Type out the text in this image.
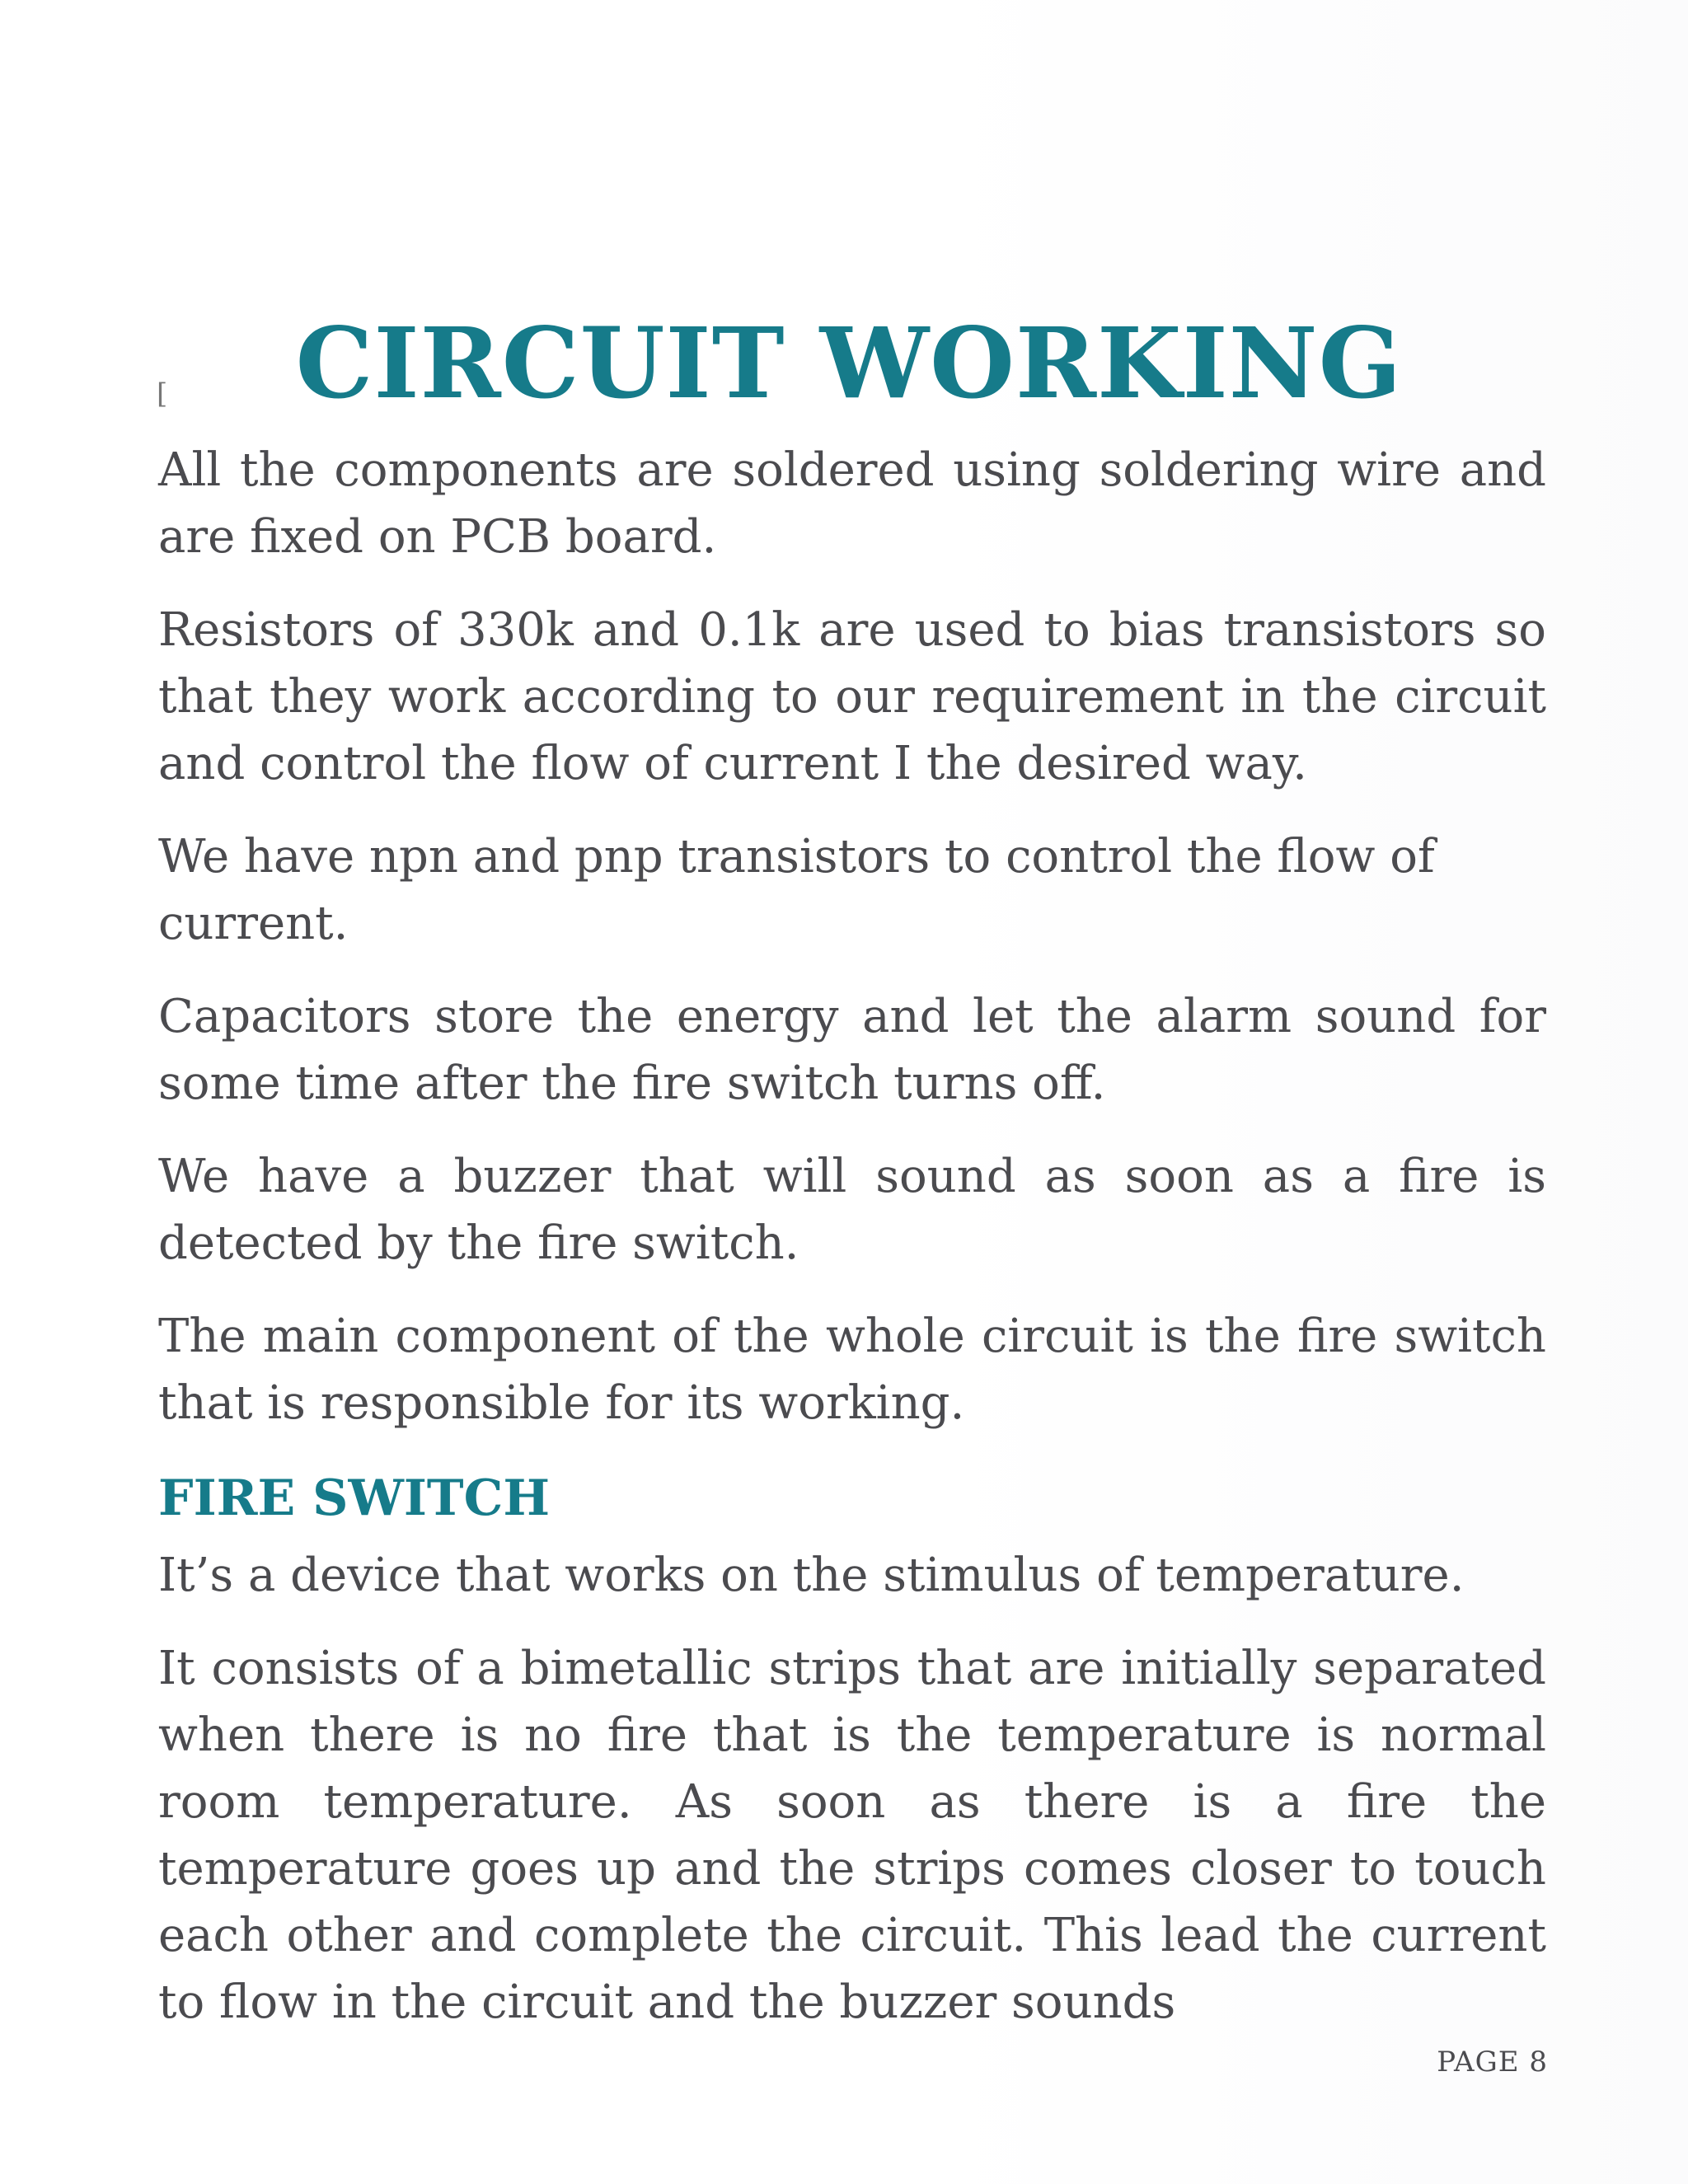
CIRCUIT WORKING
[

All the components are soldered using soldering wire and are fixed on PCB board.

Resistors of 330k and 0.1k are used to bias transistors so that they work according to our requirement in the circuit and control the flow of current I the desired way.

We have npn and pnp transistors to control the flow of current.

Capacitors store the energy and let the alarm sound for some time after the fire switch turns off.

We have a buzzer that will sound as soon as a fire is detected by the fire switch.

The main component of the whole circuit is the fire switch that is responsible for its working.

FIRE SWITCH

It’s a device that works on the stimulus of temperature.

It consists of a bimetallic strips that are initially separated when there is no fire that is the temperature is normal room temperature. As soon as there is a fire the temperature goes up and the strips comes closer to touch each other and complete the circuit. This lead the current to flow in the circuit and the buzzer sounds

PAGE 8
